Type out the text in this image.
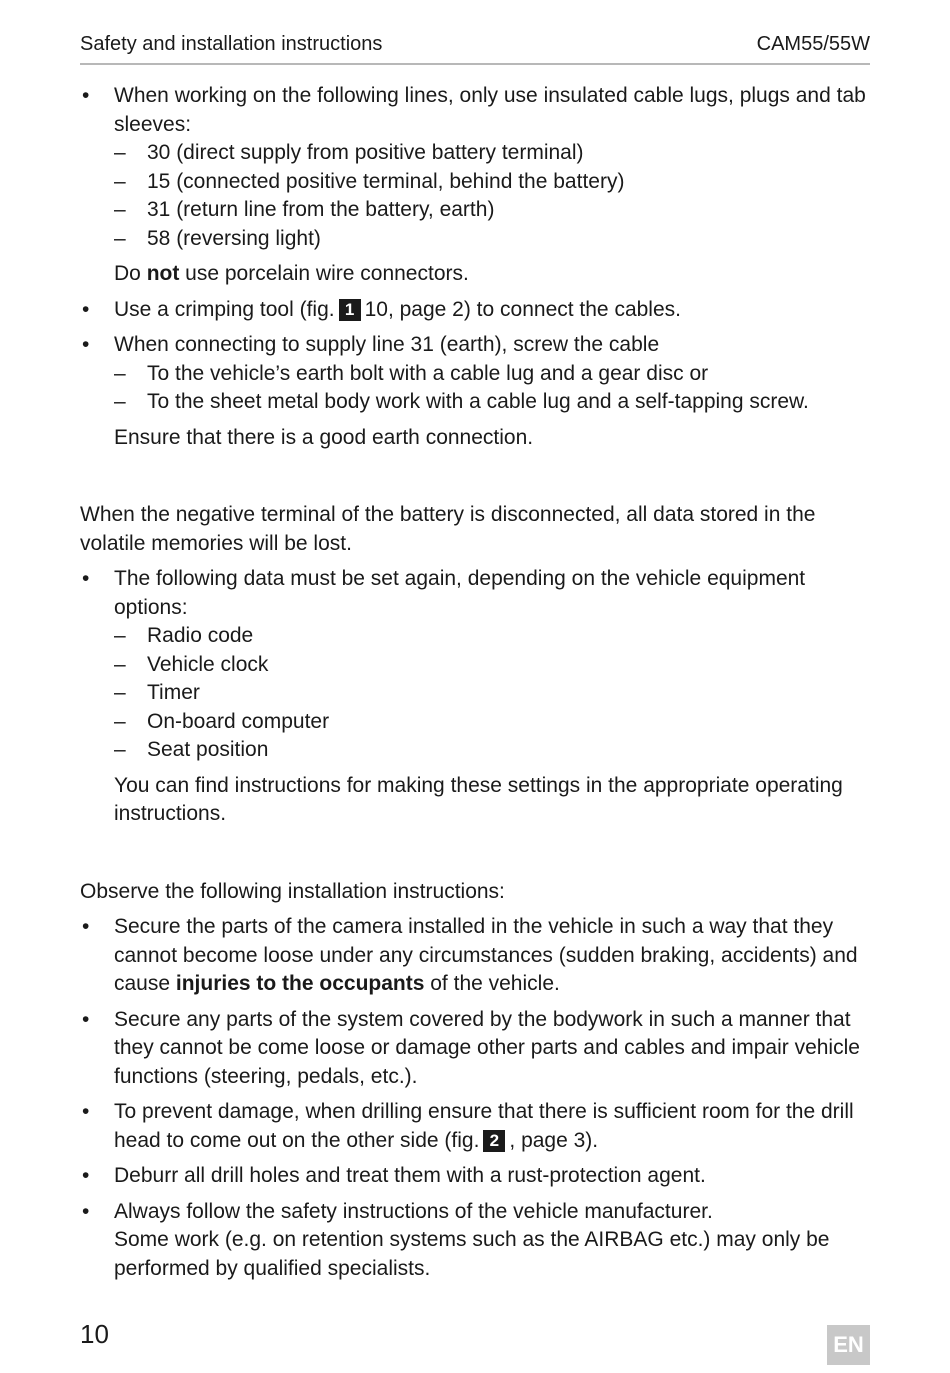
Safety and installation instructions	CAM55/55W
• When working on the following lines, only use insulated cable lugs, plugs and tab sleeves:
– 30 (direct supply from positive battery terminal)
– 15 (connected positive terminal, behind the battery)
– 31 (return line from the battery, earth)
– 58 (reversing light)
Do not use porcelain wire connectors.
• Use a crimping tool (fig. 1 10, page 2) to connect the cables.
• When connecting to supply line 31 (earth), screw the cable
– To the vehicle’s earth bolt with a cable lug and a gear disc or
– To the sheet metal body work with a cable lug and a self-tapping screw.
Ensure that there is a good earth connection.

When the negative terminal of the battery is disconnected, all data stored in the volatile memories will be lost.

• The following data must be set again, depending on the vehicle equipment options:
– Radio code
– Vehicle clock
– Timer
– On-board computer
– Seat position
You can find instructions for making these settings in the appropriate operating instructions.

Observe the following installation instructions:

• Secure the parts of the camera installed in the vehicle in such a way that they cannot become loose under any circumstances (sudden braking, accidents) and cause injuries to the occupants of the vehicle.
• Secure any parts of the system covered by the bodywork in such a manner that they cannot be come loose or damage other parts and cables and impair vehicle functions (steering, pedals, etc.).
• To prevent damage, when drilling ensure that there is sufficient room for the drill head to come out on the other side (fig. 2 , page 3).
• Deburr all drill holes and treat them with a rust-protection agent.
• Always follow the safety instructions of the vehicle manufacturer.
Some work (e.g. on retention systems such as the AIRBAG etc.) may only be performed by qualified specialists.
10	EN
